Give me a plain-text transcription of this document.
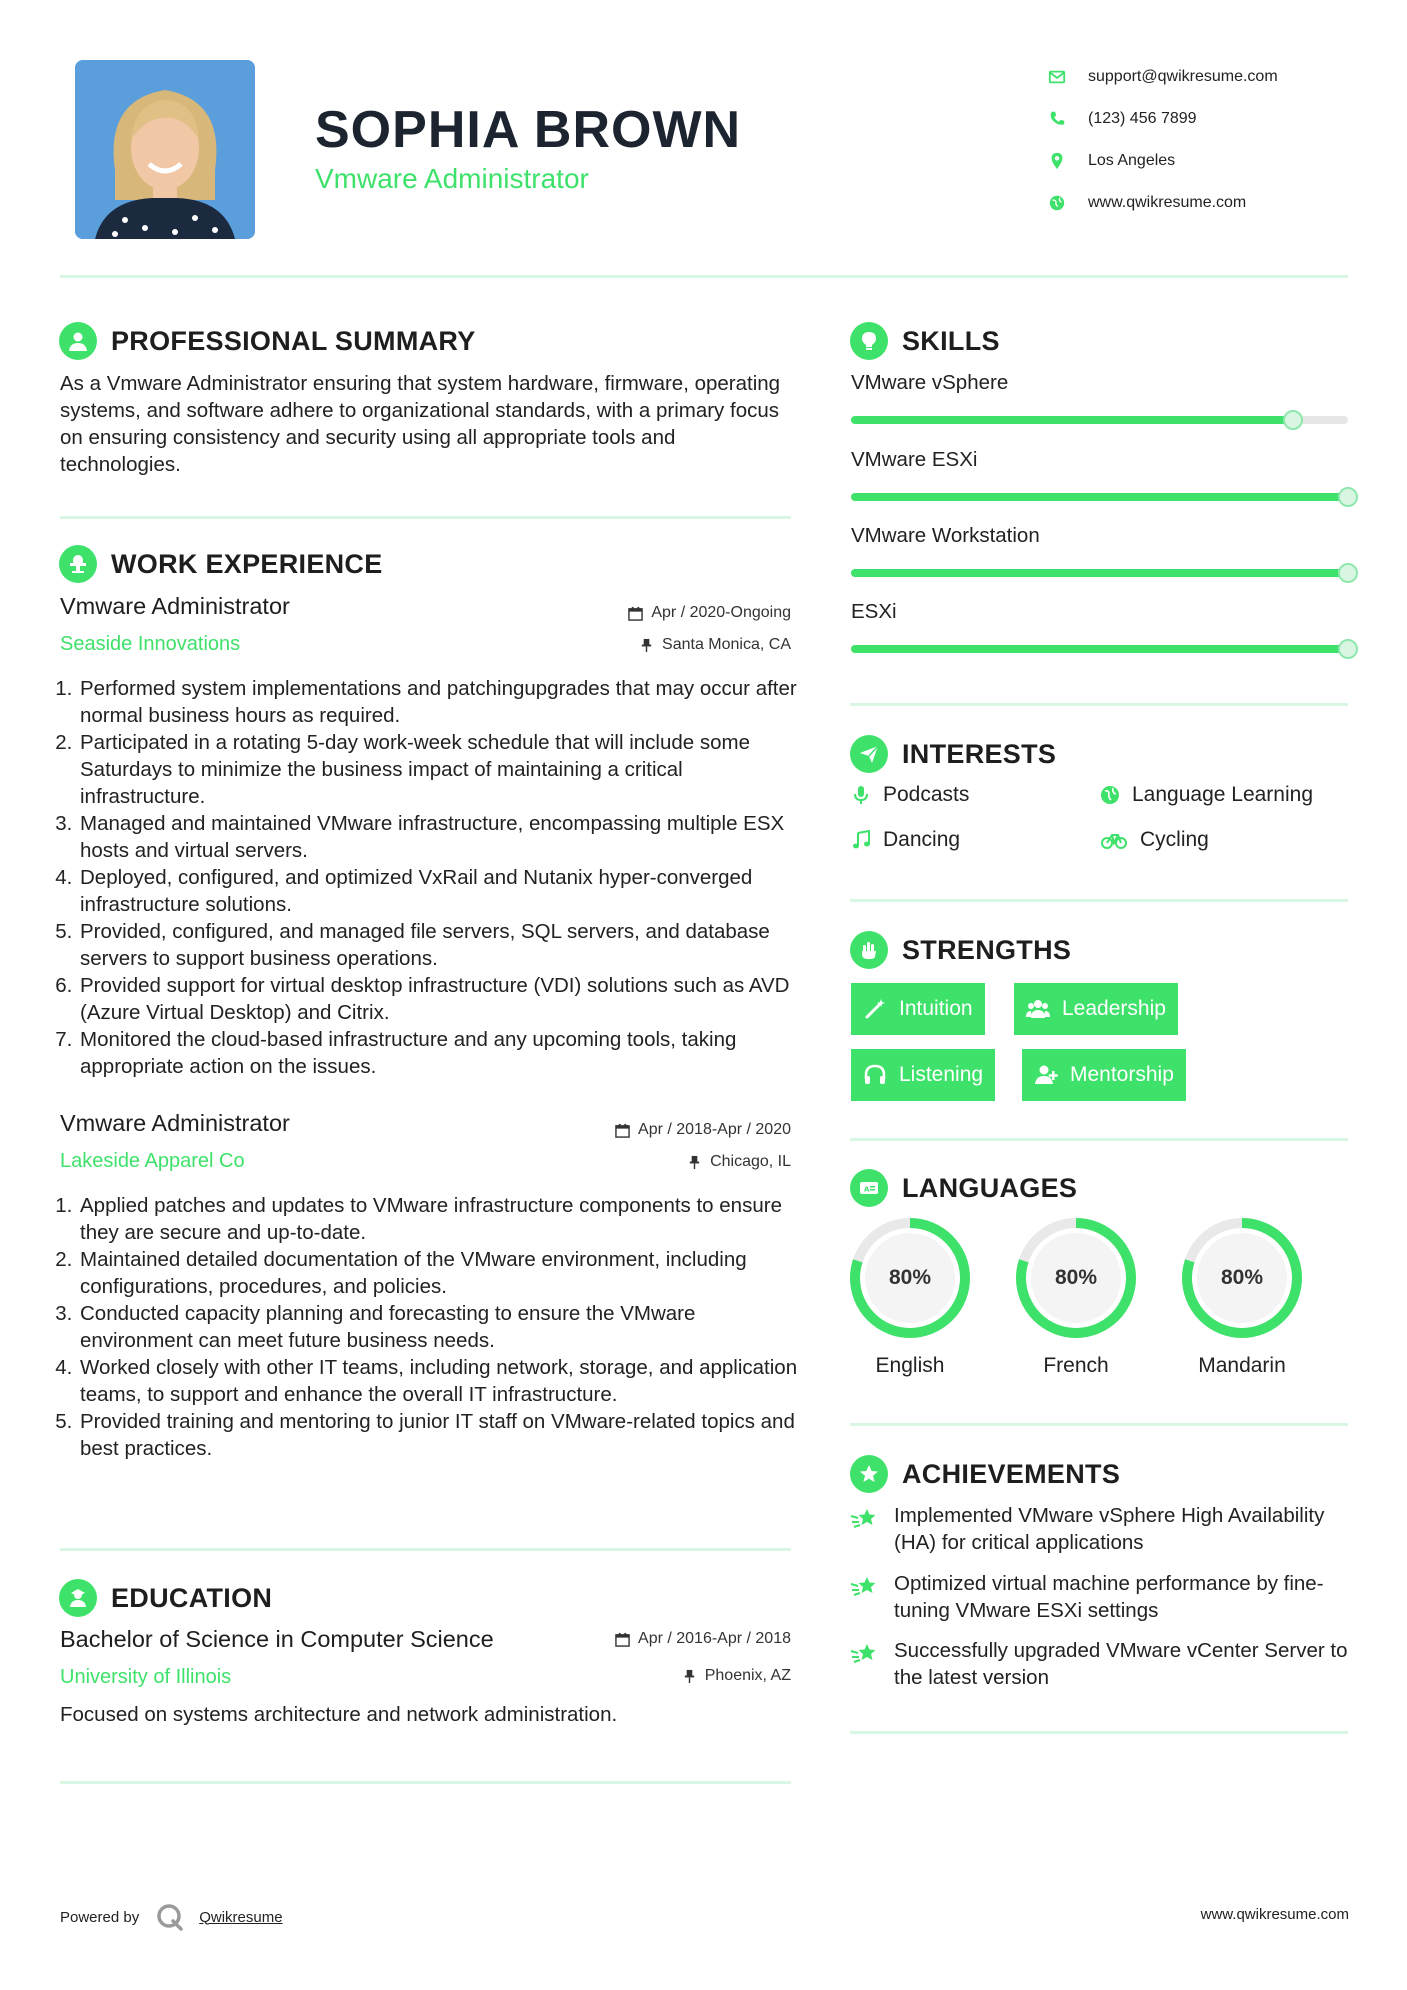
SOPHIA BROWN
Vmware Administrator
support@qwikresume.com
(123) 456 7899
Los Angeles
www.qwikresume.com
PROFESSIONAL SUMMARY
As a Vmware Administrator ensuring that system hardware, firmware, operating systems, and software adhere to organizational standards, with a primary focus on ensuring consistency and security using all appropriate tools and technologies.
WORK EXPERIENCE
Vmware Administrator
Seaside Innovations
Apr / 2020-Ongoing
Santa Monica, CA
1. Performed system implementations and patchingupgrades that may occur after normal business hours as required.
2. Participated in a rotating 5-day work-week schedule that will include some Saturdays to minimize the business impact of maintaining a critical infrastructure.
3. Managed and maintained VMware infrastructure, encompassing multiple ESX hosts and virtual servers.
4. Deployed, configured, and optimized VxRail and Nutanix hyper-converged infrastructure solutions.
5. Provided, configured, and managed file servers, SQL servers, and database servers to support business operations.
6. Provided support for virtual desktop infrastructure (VDI) solutions such as AVD (Azure Virtual Desktop) and Citrix.
7. Monitored the cloud-based infrastructure and any upcoming tools, taking appropriate action on the issues.
Vmware Administrator
Lakeside Apparel Co
Apr / 2018-Apr / 2020
Chicago, IL
1. Applied patches and updates to VMware infrastructure components to ensure they are secure and up-to-date.
2. Maintained detailed documentation of the VMware environment, including configurations, procedures, and policies.
3. Conducted capacity planning and forecasting to ensure the VMware environment can meet future business needs.
4. Worked closely with other IT teams, including network, storage, and application teams, to support and enhance the overall IT infrastructure.
5. Provided training and mentoring to junior IT staff on VMware-related topics and best practices.
EDUCATION
Bachelor of Science in Computer Science
University of Illinois
Apr / 2016-Apr / 2018
Phoenix, AZ
Focused on systems architecture and network administration.
SKILLS
VMware vSphere
VMware ESXi
VMware Workstation
ESXi
INTERESTS
Podcasts	Language Learning
Dancing	Cycling
STRENGTHS
Intuition	Leadership
Listening	Mentorship
A LANGUAGES
80%
English
80%
French
80%
Mandarin
ACHIEVEMENTS
Implemented VMware vSphere High Availability (HA) for critical applications
Optimized virtual machine performance by fine-tuning VMware ESXi settings
Successfully upgraded VMware vCenter Server to the latest version
Powered by	Qwikresume	www.qwikresume.com
